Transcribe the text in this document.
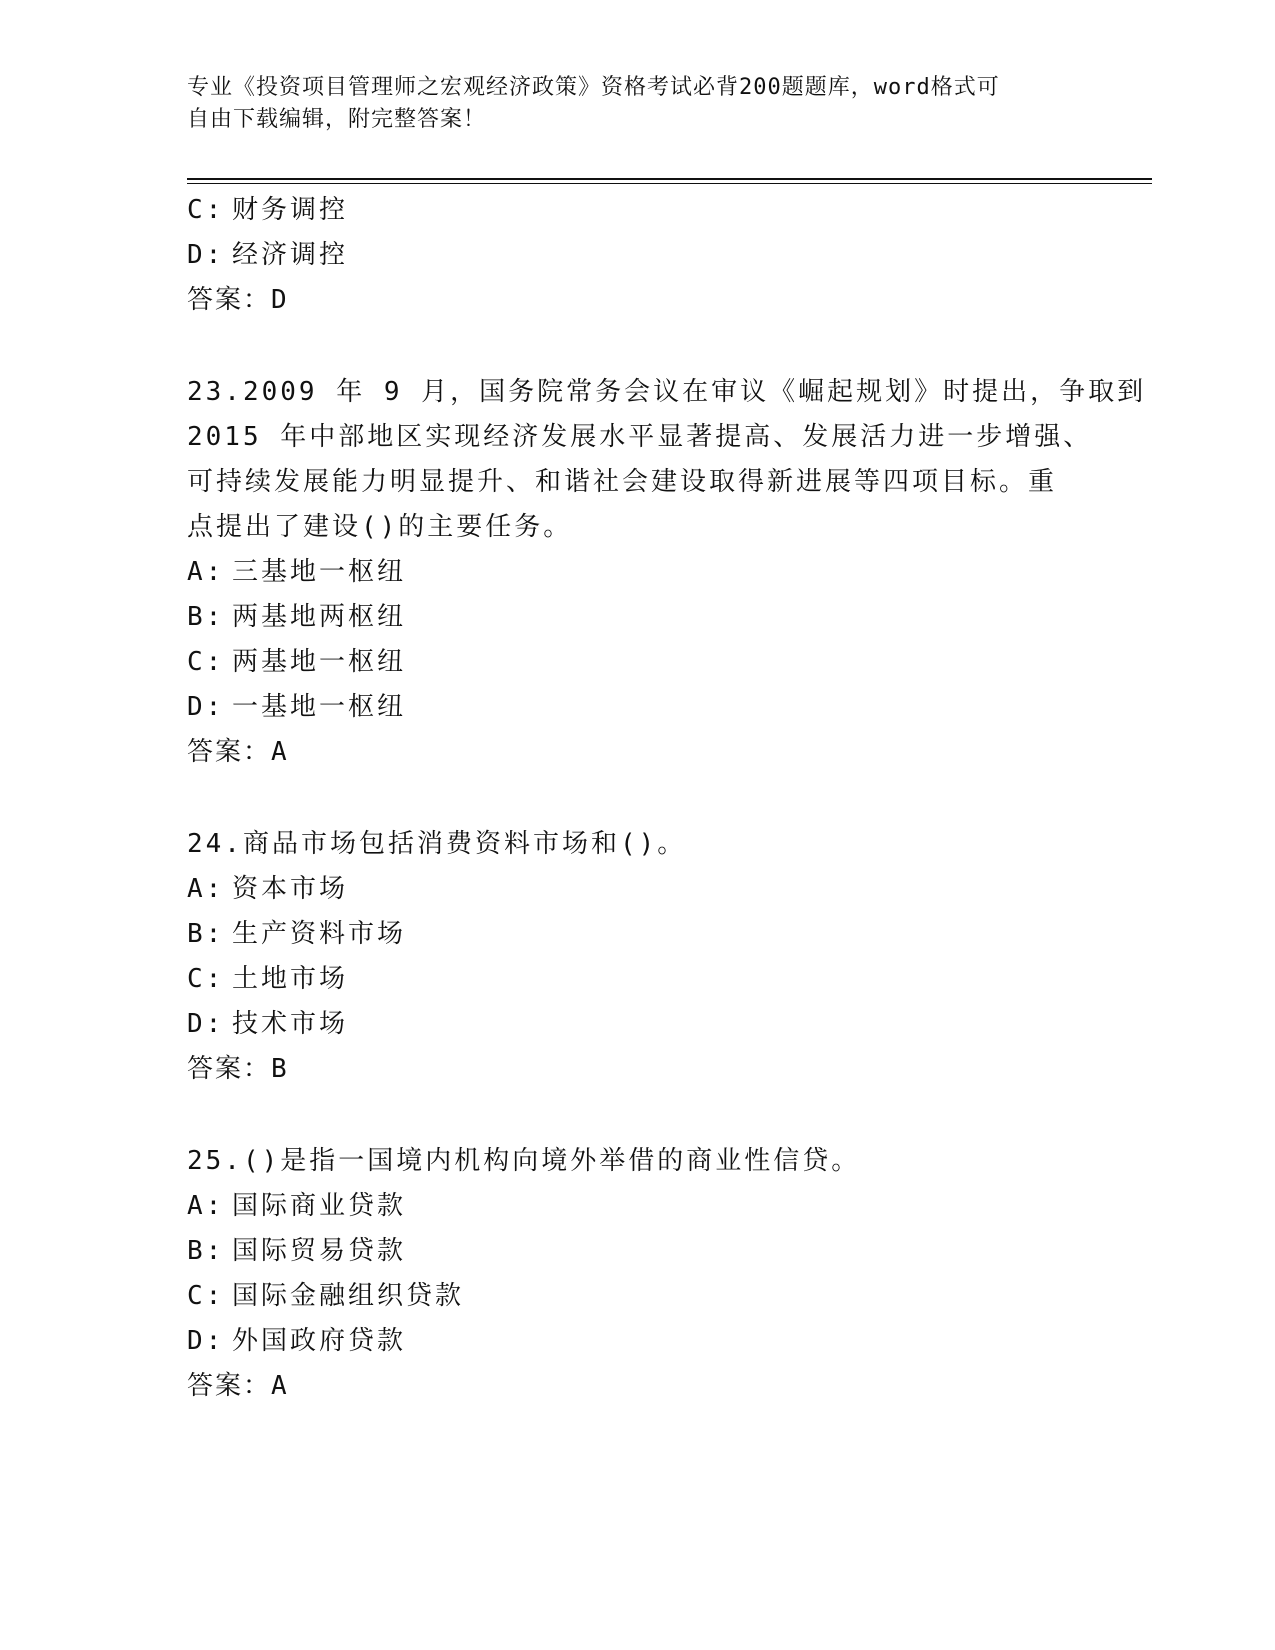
专业《投资项目管理师之宏观经济政策》资格考试必背200题题库，word格式可
自由下载编辑，附完整答案！
C: 财务调控
D: 经济调控
答案：D
23.2009 年 9 月，国务院常务会议在审议《崛起规划》时提出，争取到
2015 年中部地区实现经济发展水平显著提高、发展活力进一步增强、
可持续发展能力明显提升、和谐社会建设取得新进展等四项目标。重
点提出了建设()的主要任务。
A: 三基地一枢纽
B: 两基地两枢纽
C: 两基地一枢纽
D: 一基地一枢纽
答案：A
24.商品市场包括消费资料市场和()。
A: 资本市场
B: 生产资料市场
C: 土地市场
D: 技术市场
答案：B
25.()是指一国境内机构向境外举借的商业性信贷。
A: 国际商业贷款
B: 国际贸易贷款
C: 国际金融组织贷款
D: 外国政府贷款
答案：A
